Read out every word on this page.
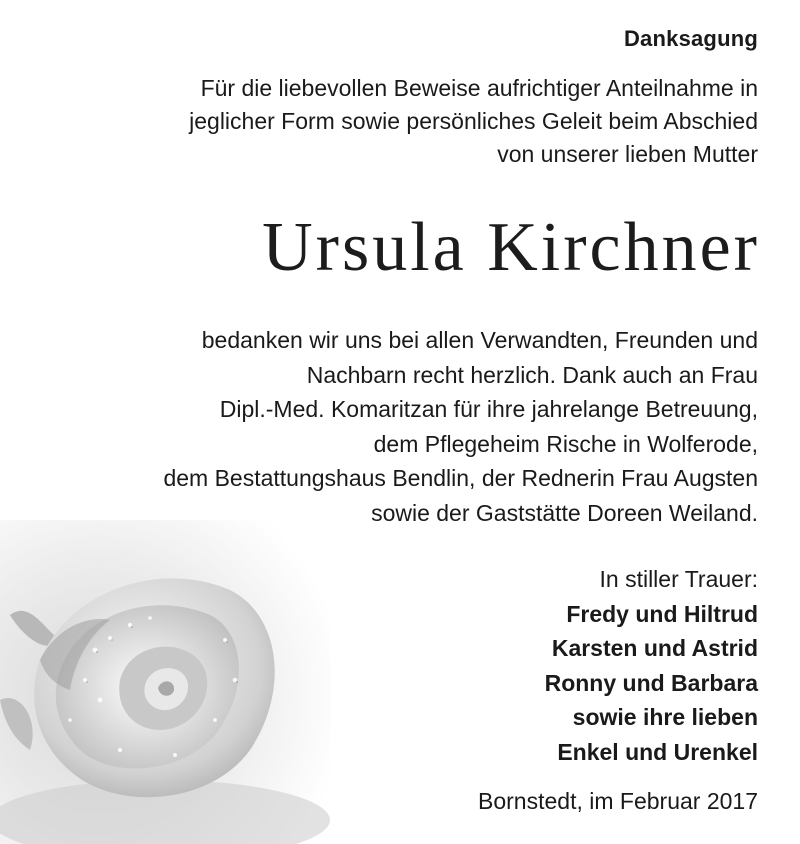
Danksagung
Für die liebevollen Beweise aufrichtiger Anteilnahme in
jeglicher Form sowie persönliches Geleit beim Abschied
von unserer lieben Mutter
Ursula Kirchner
bedanken wir uns bei allen Verwandten, Freunden und
Nachbarn recht herzlich. Dank auch an Frau
Dipl.-Med. Komaritzan für ihre jahrelange Betreuung,
dem Pflegeheim Rische in Wolferode,
dem Bestattungshaus Bendlin, der Rednerin Frau Augsten
sowie der Gaststätte Doreen Weiland.
In stiller Trauer:
Fredy und Hiltrud
Karsten und Astrid
Ronny und Barbara
sowie ihre lieben
Enkel und Urenkel
Bornstedt, im Februar 2017
